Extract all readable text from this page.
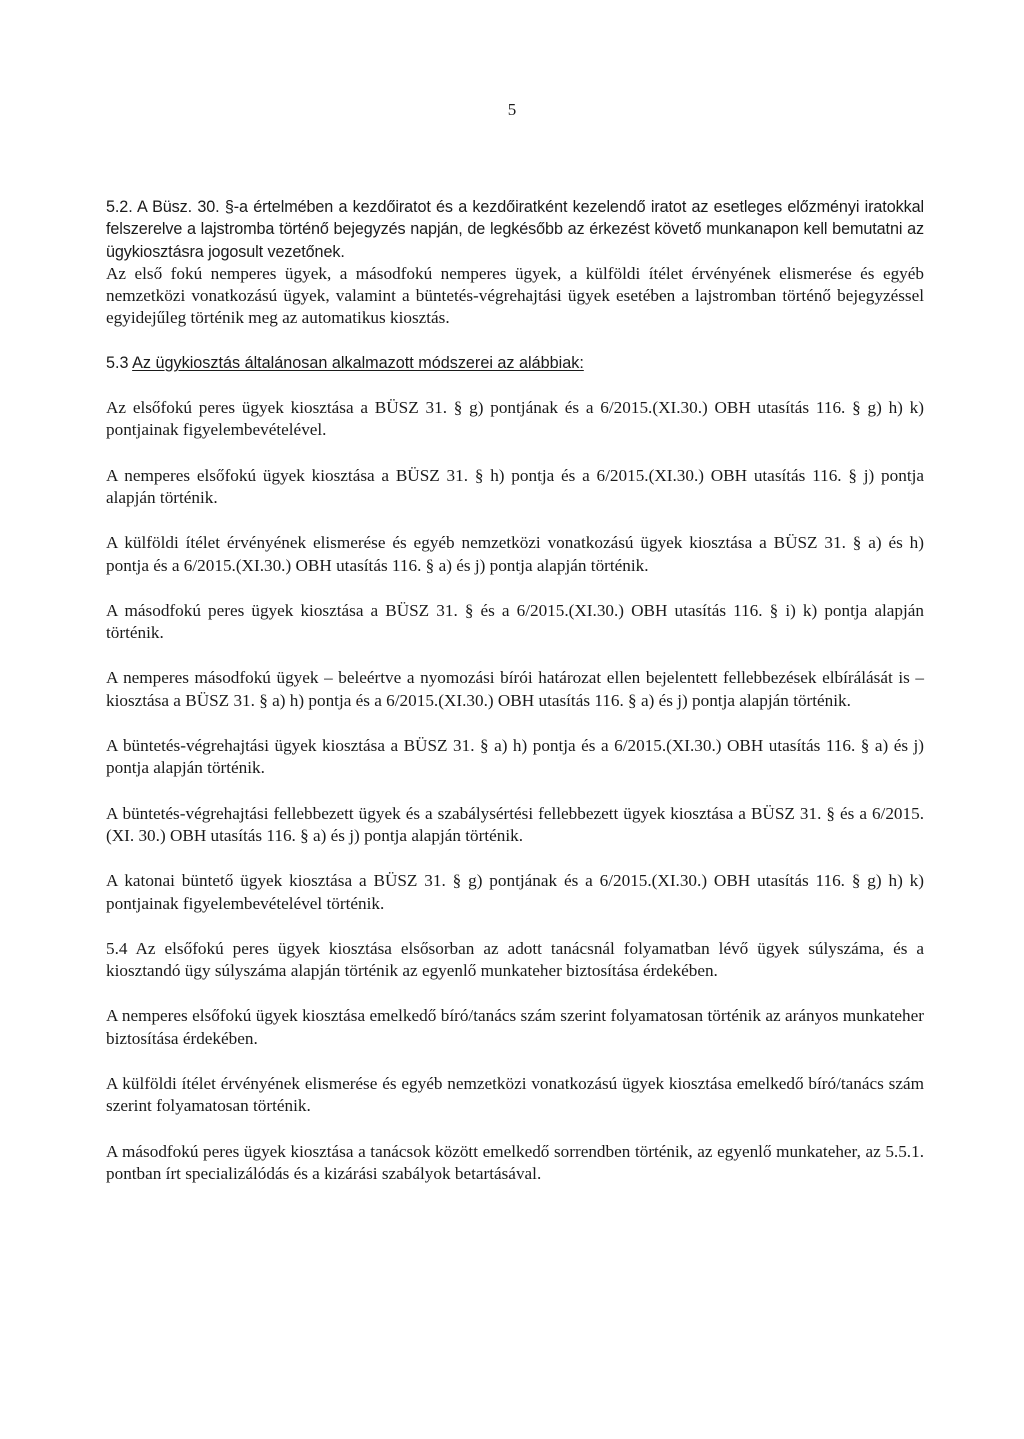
5

5.2. A Büsz. 30. §-a értelmében a kezdőiratot és a kezdőiratként kezelendő iratot az esetleges előzményi iratokkal felszerelve a lajstromba történő bejegyzés napján, de legkésőbb az érkezést követő munkanapon kell bemutatni az ügykiosztásra jogosult vezetőnek.

Az első fokú nemperes ügyek, a másodfokú nemperes ügyek, a külföldi ítélet érvényének elismerése és egyéb nemzetközi vonatkozású ügyek, valamint a büntetés-végrehajtási ügyek esetében a lajstromban történő bejegyzéssel egyidejűleg történik meg az automatikus kiosztás.

5.3 Az ügykiosztás általánosan alkalmazott módszerei az alábbiak:

Az elsőfokú peres ügyek kiosztása a BÜSZ 31. § g) pontjának és a 6/2015.(XI.30.) OBH utasítás 116. § g) h) k) pontjainak figyelembevételével.

A nemperes elsőfokú ügyek kiosztása a BÜSZ 31. § h) pontja és a 6/2015.(XI.30.) OBH utasítás 116. § j) pontja alapján történik.

A külföldi ítélet érvényének elismerése és egyéb nemzetközi vonatkozású ügyek kiosztása a BÜSZ 31. § a) és h) pontja és a 6/2015.(XI.30.) OBH utasítás 116. § a) és j) pontja alapján történik.

A másodfokú peres ügyek kiosztása a BÜSZ 31. § és a 6/2015.(XI.30.) OBH utasítás 116. § i) k) pontja alapján történik.

A nemperes másodfokú ügyek – beleértve a nyomozási bírói határozat ellen bejelentett fellebbezések elbírálását is – kiosztása a BÜSZ 31. § a) h) pontja és a 6/2015.(XI.30.) OBH utasítás 116. § a) és j) pontja alapján történik.

A büntetés-végrehajtási ügyek kiosztása a BÜSZ 31. § a) h) pontja és a 6/2015.(XI.30.) OBH utasítás 116. § a) és j) pontja alapján történik.

A büntetés-végrehajtási fellebbezett ügyek és a szabálysértési fellebbezett ügyek kiosztása a BÜSZ 31. § és a 6/2015. (XI. 30.) OBH utasítás 116. § a) és j) pontja alapján történik.

A katonai büntető ügyek kiosztása a BÜSZ 31. § g) pontjának és a 6/2015.(XI.30.) OBH utasítás 116. § g) h) k) pontjainak figyelembevételével történik.

5.4 Az elsőfokú peres ügyek kiosztása elsősorban az adott tanácsnál folyamatban lévő ügyek súlyszáma, és a kiosztandó ügy súlyszáma alapján történik az egyenlő munkateher biztosítása érdekében.

A nemperes elsőfokú ügyek kiosztása emelkedő bíró/tanács szám szerint folyamatosan történik az arányos munkateher biztosítása érdekében.

A külföldi ítélet érvényének elismerése és egyéb nemzetközi vonatkozású ügyek kiosztása emelkedő bíró/tanács szám szerint folyamatosan történik.

A másodfokú peres ügyek kiosztása a tanácsok között emelkedő sorrendben történik, az egyenlő munkateher, az 5.5.1. pontban írt specializálódás és a kizárási szabályok betartásával.
